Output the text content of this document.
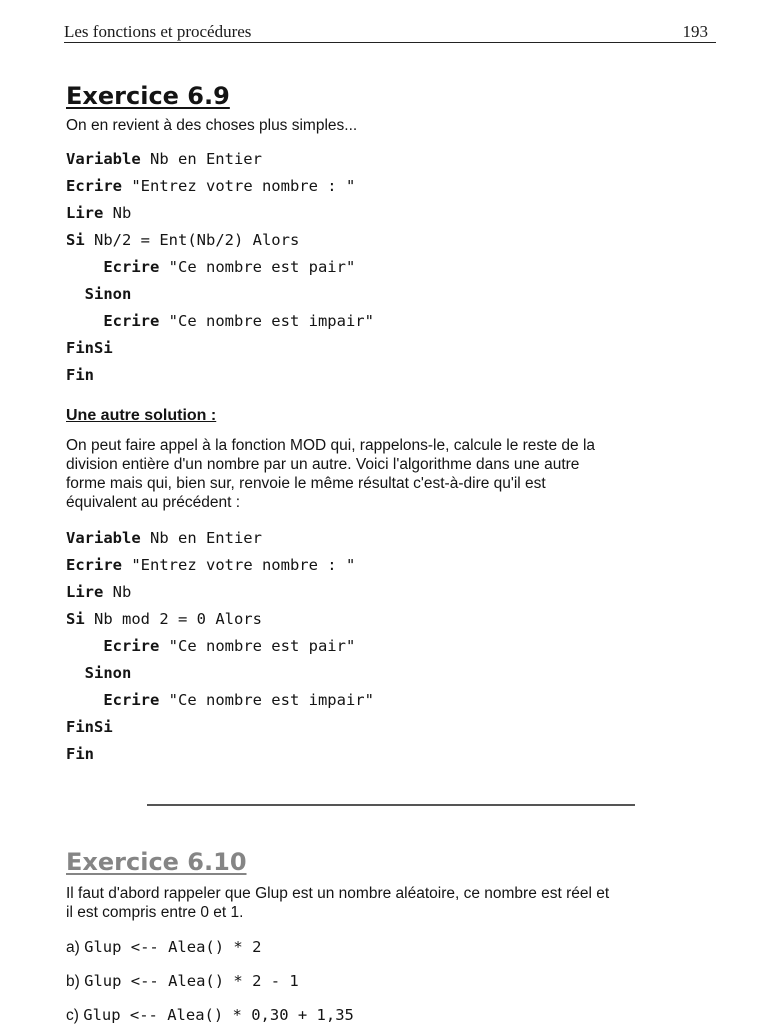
Les fonctions et procédures	193
Exercice 6.9

On en revient à des choses plus simples...

Variable Nb en Entier
Ecrire "Entrez votre nombre : "
Lire Nb
Si Nb/2 = Ent(Nb/2) Alors
Ecrire "Ce nombre est pair"
Sinon
Ecrire "Ce nombre est impair"
FinSi
Fin

Une autre solution :

On peut faire appel à la fonction MOD qui, rappelons-le, calcule le reste de la

division entière d'un nombre par un autre. Voici l'algorithme dans une autre

forme mais qui, bien sur, renvoie le même résultat c'est-à-dire qu'il est

équivalent au précédent :

Variable Nb en Entier
Ecrire "Entrez votre nombre : "
Lire Nb
Si Nb mod 2 = 0 Alors
Ecrire "Ce nombre est pair"
Sinon
Ecrire "Ce nombre est impair"
FinSi
Fin
Exercice 6.10

Il faut d'abord rappeler que Glup est un nombre aléatoire, ce nombre est réel et

il est compris entre 0 et 1.

a) Glup <-- Alea() * 2
b) Glup <-- Alea() * 2 - 1
c) Glup <-- Alea() * 0,30 + 1,35
